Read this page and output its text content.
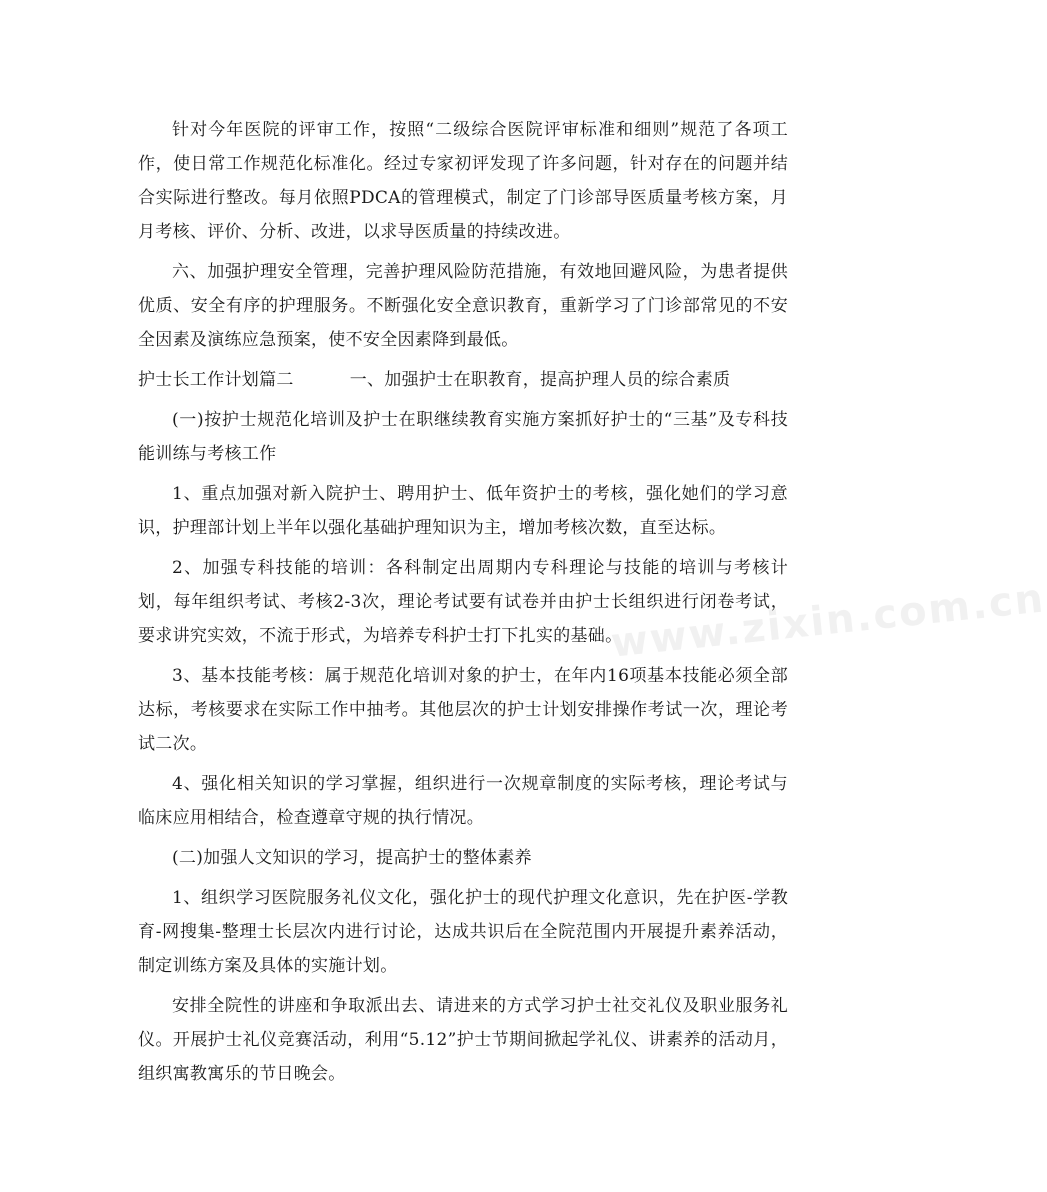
针对今年医院的评审工作，按照“二级综合医院评审标准和细则”规范了各项工作，使日常工作规范化标准化。经过专家初评发现了许多问题，针对存在的问题并结合实际进行整改。每月依照PDCA的管理模式，制定了门诊部导医质量考核方案，月月考核、评价、分析、改进，以求导医质量的持续改进。

六、加强护理安全管理，完善护理风险防范措施，有效地回避风险，为患者提供优质、安全有序的护理服务。不断强化安全意识教育，重新学习了门诊部常见的不安全因素及演练应急预案，使不安全因素降到最低。

护士长工作计划篇二	一、加强护士在职教育，提高护理人员的综合素质

(一)按护士规范化培训及护士在职继续教育实施方案抓好护士的“三基”及专科技能训练与考核工作

1、重点加强对新入院护士、聘用护士、低年资护士的考核，强化她们的学习意识，护理部计划上半年以强化基础护理知识为主，增加考核次数，直至达标。

2、加强专科技能的培训：各科制定出周期内专科理论与技能的培训与考核计划，每年组织考试、考核2-3次，理论考试要有试卷并由护士长组织进行闭卷考试，要求讲究实效，不流于形式，为培养专科护士打下扎实的基础。

3、基本技能考核：属于规范化培训对象的护士，在年内16项基本技能必须全部达标，考核要求在实际工作中抽考。其他层次的护士计划安排操作考试一次，理论考试二次。

4、强化相关知识的学习掌握，组织进行一次规章制度的实际考核，理论考试与临床应用相结合，检查遵章守规的执行情况。

(二)加强人文知识的学习，提高护士的整体素养

1、组织学习医院服务礼仪文化，强化护士的现代护理文化意识，先在护医-学教育-网搜集-整理士长层次内进行讨论，达成共识后在全院范围内开展提升素养活动，制定训练方案及具体的实施计划。

安排全院性的讲座和争取派出去、请进来的方式学习护士社交礼仪及职业服务礼仪。开展护士礼仪竞赛活动，利用“5.12”护士节期间掀起学礼仪、讲素养的活动月，组织寓教寓乐的节日晚会。

www.zixin.com.cn
